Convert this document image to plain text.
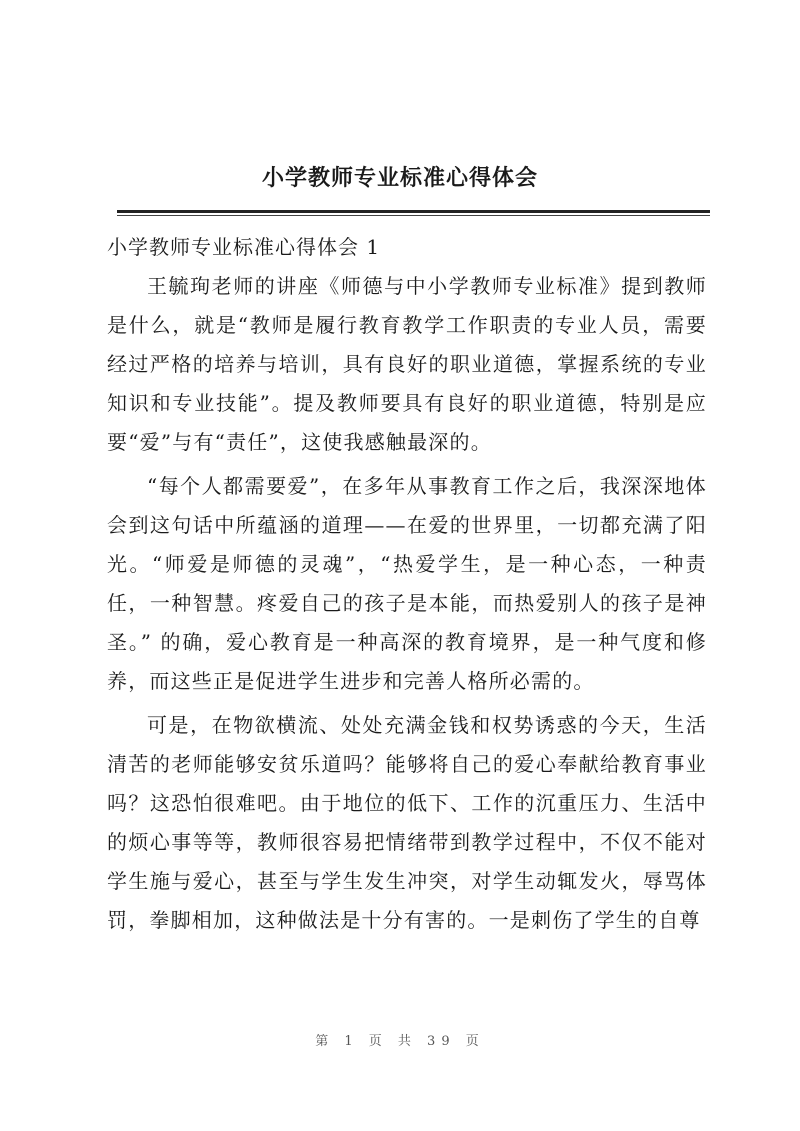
小学教师专业标准心得体会

小学教师专业标准心得体会 1

王毓珣老师的讲座《师德与中小学教师专业标准》提到教师是什么，就是“教师是履行教育教学工作职责的专业人员，需要经过严格的培养与培训，具有良好的职业道德，掌握系统的专业知识和专业技能”。提及教师要具有良好的职业道德，特别是应要“爱”与有“责任”，这使我感触最深的。

“每个人都需要爱”，在多年从事教育工作之后，我深深地体会到这句话中所蕴涵的道理——在爱的世界里，一切都充满了阳光。“师爱是师德的灵魂”，“热爱学生，是一种心态，一种责任，一种智慧。疼爱自己的孩子是本能，而热爱别人的孩子是神圣。” 的确，爱心教育是一种高深的教育境界，是一种气度和修养，而这些正是促进学生进步和完善人格所必需的。

可是，在物欲横流、处处充满金钱和权势诱惑的今天，生活清苦的老师能够安贫乐道吗？能够将自己的爱心奉献给教育事业吗？这恐怕很难吧。由于地位的低下、工作的沉重压力、生活中的烦心事等等，教师很容易把情绪带到教学过程中，不仅不能对学生施与爱心，甚至与学生发生冲突，对学生动辄发火，辱骂体罚，拳脚相加，这种做法是十分有害的。一是刺伤了学生的自尊

第 1 页 共 39 页
